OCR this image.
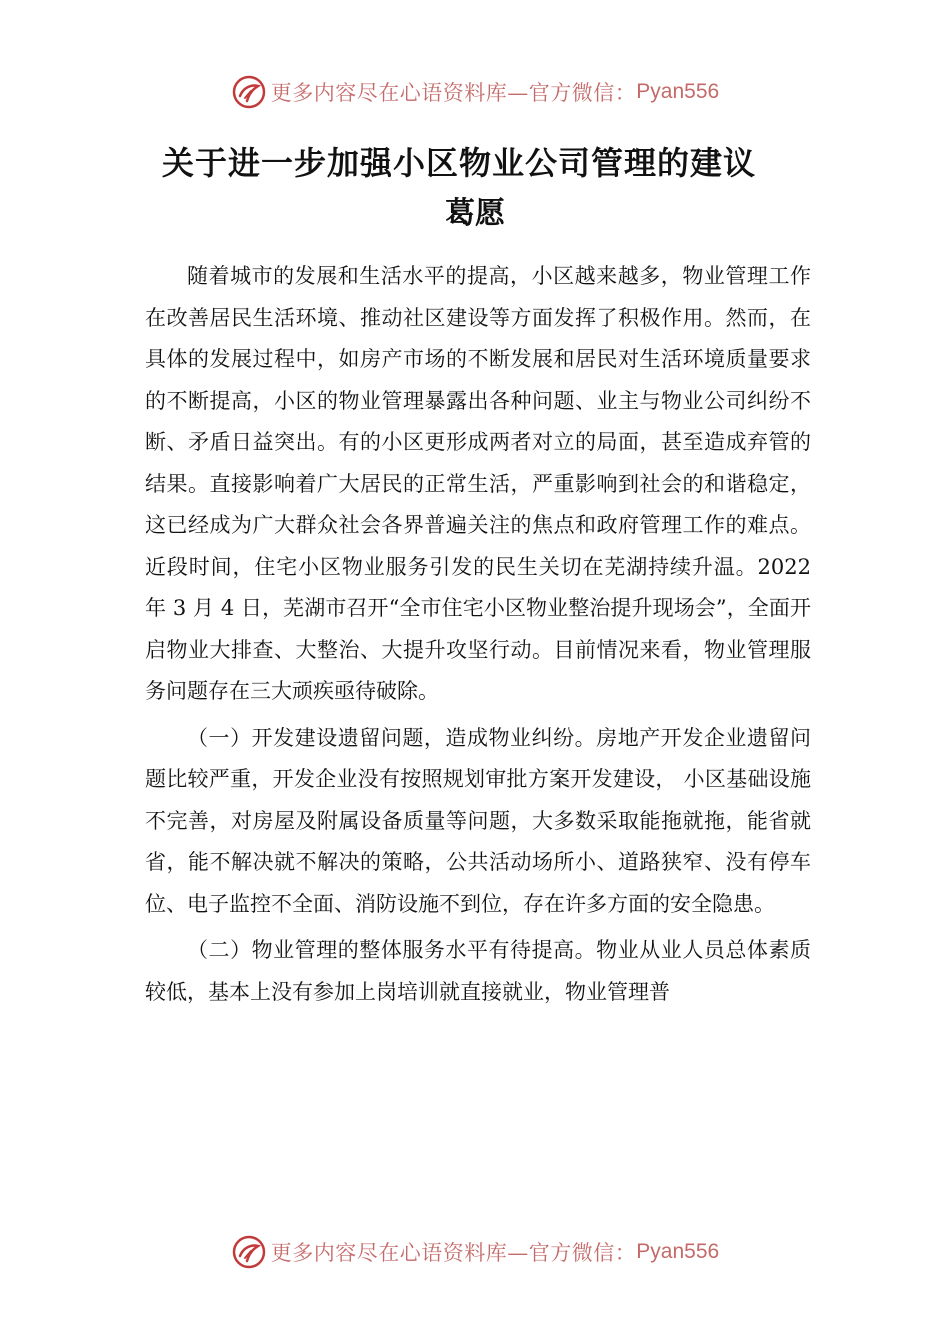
更多内容尽在心语资料库—官方微信： Pyan556
关于进一步加强小区物业公司管理的建议
葛愿

随着城市的发展和生活水平的提高，小区越来越多，物业管理工作在改善居民生活环境、推动社区建设等方面发挥了积极作用。然而，在具体的发展过程中，如房产市场的不断发展和居民对生活环境质量要求的不断提高，小区的物业管理暴露出各种问题、业主与物业公司纠纷不断、矛盾日益突出。有的小区更形成两者对立的局面，甚至造成弃管的结果。直接影响着广大居民的正常生活，严重影响到社会的和谐稳定，这已经成为广大群众社会各界普遍关注的焦点和政府管理工作的难点。近段时间，住宅小区物业服务引发的民生关切在芜湖持续升温。2022 年 3 月 4 日，芜湖市召开“全市住宅小区物业整治提升现场会”，全面开启物业大排查、大整治、大提升攻坚行动。目前情况来看，物业管理服务问题存在三大顽疾亟待破除。

（一）开发建设遗留问题，造成物业纠纷。房地产开发企业遗留问题比较严重，开发企业没有按照规划审批方案开发建设， 小区基础设施不完善，对房屋及附属设备质量等问题，大多数采取能拖就拖，能省就省，能不解决就不解决的策略，公共活动场所小、道路狭窄、没有停车位、电子监控不全面、消防设施不到位，存在许多方面的安全隐患。

（二）物业管理的整体服务水平有待提高。物业从业人员总体素质较低，基本上没有参加上岗培训就直接就业，物业管理普

更多内容尽在心语资料库—官方微信： Pyan556
